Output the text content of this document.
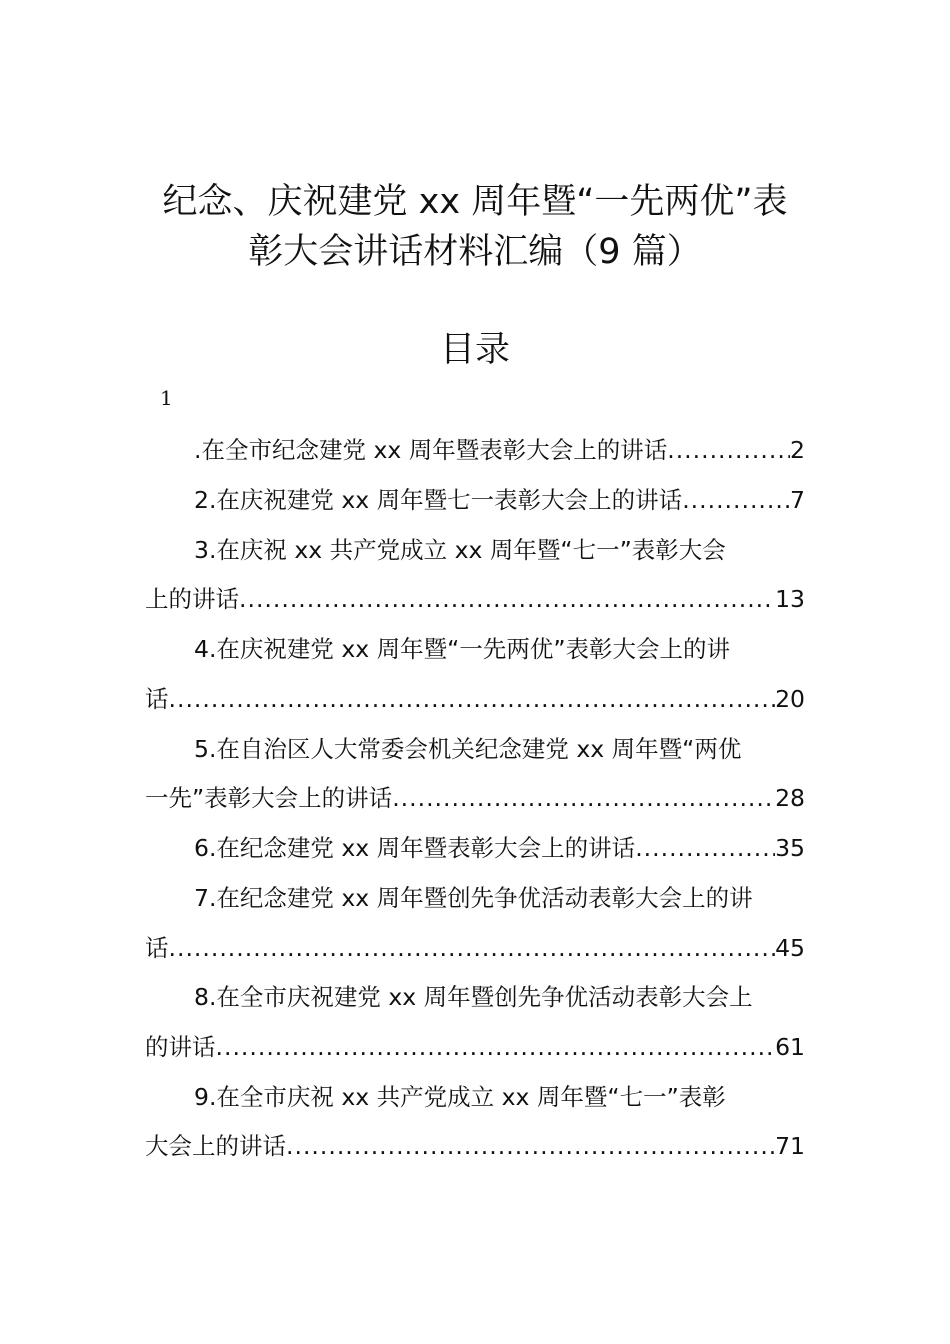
纪念、庆祝建党 xx 周年暨“一先两优”表
彰大会讲话材料汇编（9 篇）
目录
1
.在全市纪念建党 xx 周年暨表彰大会上的讲话 .....	2
2.在庆祝建党 xx 周年暨七一表彰大会上的讲话 .....	7
3.在庆祝 xx 共产党成立 xx 周年暨“七一”表彰大会
上的讲话 .....	13
4.在庆祝建党 xx 周年暨“一先两优”表彰大会上的讲
话 .....	20
5.在自治区人大常委会机关纪念建党 xx 周年暨“两优
一先”表彰大会上的讲话 .....	28
6.在纪念建党 xx 周年暨表彰大会上的讲话 .....	35
7.在纪念建党 xx 周年暨创先争优活动表彰大会上的讲
话 .....	45
8.在全市庆祝建党 xx 周年暨创先争优活动表彰大会上
的讲话 .....	61
9.在全市庆祝 xx 共产党成立 xx 周年暨“七一”表彰
大会上的讲话 .....	71
